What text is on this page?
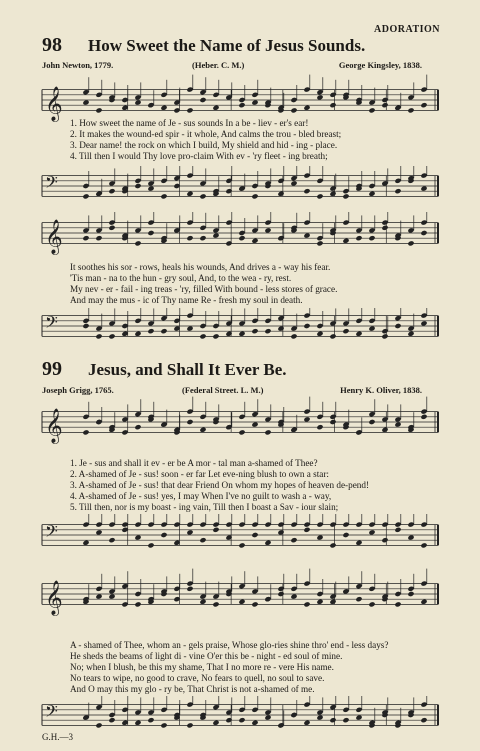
ADORATION
98 How Sweet the Name of Jesus Sounds.
John Newton, 1779.	(Heber. C. M.)	George Kingsley, 1838.
𝄞
1. How sweet the name of Je - sus sounds In a be - liev - er's ear!
2. It makes the wound-ed spir - it whole, And calms the trou - bled breast;
3. Dear name! the rock on which I build, My shield and hid - ing - place.
4. Till then I would Thy love pro-claim With ev - 'ry fleet - ing breath;
𝄢
𝄞
It soothes his sor - rows, heals his wounds, And drives a - way his fear.
'Tis man - na to the hun - gry soul, And, to the wea - ry, rest.
My nev - er - fail - ing treas - 'ry, filled With bound - less stores of grace.
And may the mus - ic of Thy name Re - fresh my soul in death.
𝄢
99 Jesus, and Shall It Ever Be.
Joseph Grigg, 1765.	(Federal Street. L. M.)	Henry K. Oliver, 1838.
𝄞
1. Je - sus and shall it ev - er be A mor - tal man a-shamed of Thee?
2. A-shamed of Je - sus! soon - er far Let eve-ning blush to own a star:
3. A-shamed of Je - sus! that dear Friend On whom my hopes of heaven de-pend!
4. A-shamed of Je - sus! yes, I may When I've no guilt to wash a - way,
5. Till then, nor is my boast - ing vain, Till then I boast a Sav - iour slain;
𝄢
𝄞
A - shamed of Thee, whom an - gels praise, Whose glo-ries shine thro' end - less days?
He sheds the beams of light di - vine O'er this be - night - ed soul of mine.
No; when I blush, be this my shame, That I no more re - vere His name.
No tears to wipe, no good to crave, No fears to quell, no soul to save.
And O may this my glo - ry be, That Christ is not a-shamed of me.
𝄢
G.H.—3
